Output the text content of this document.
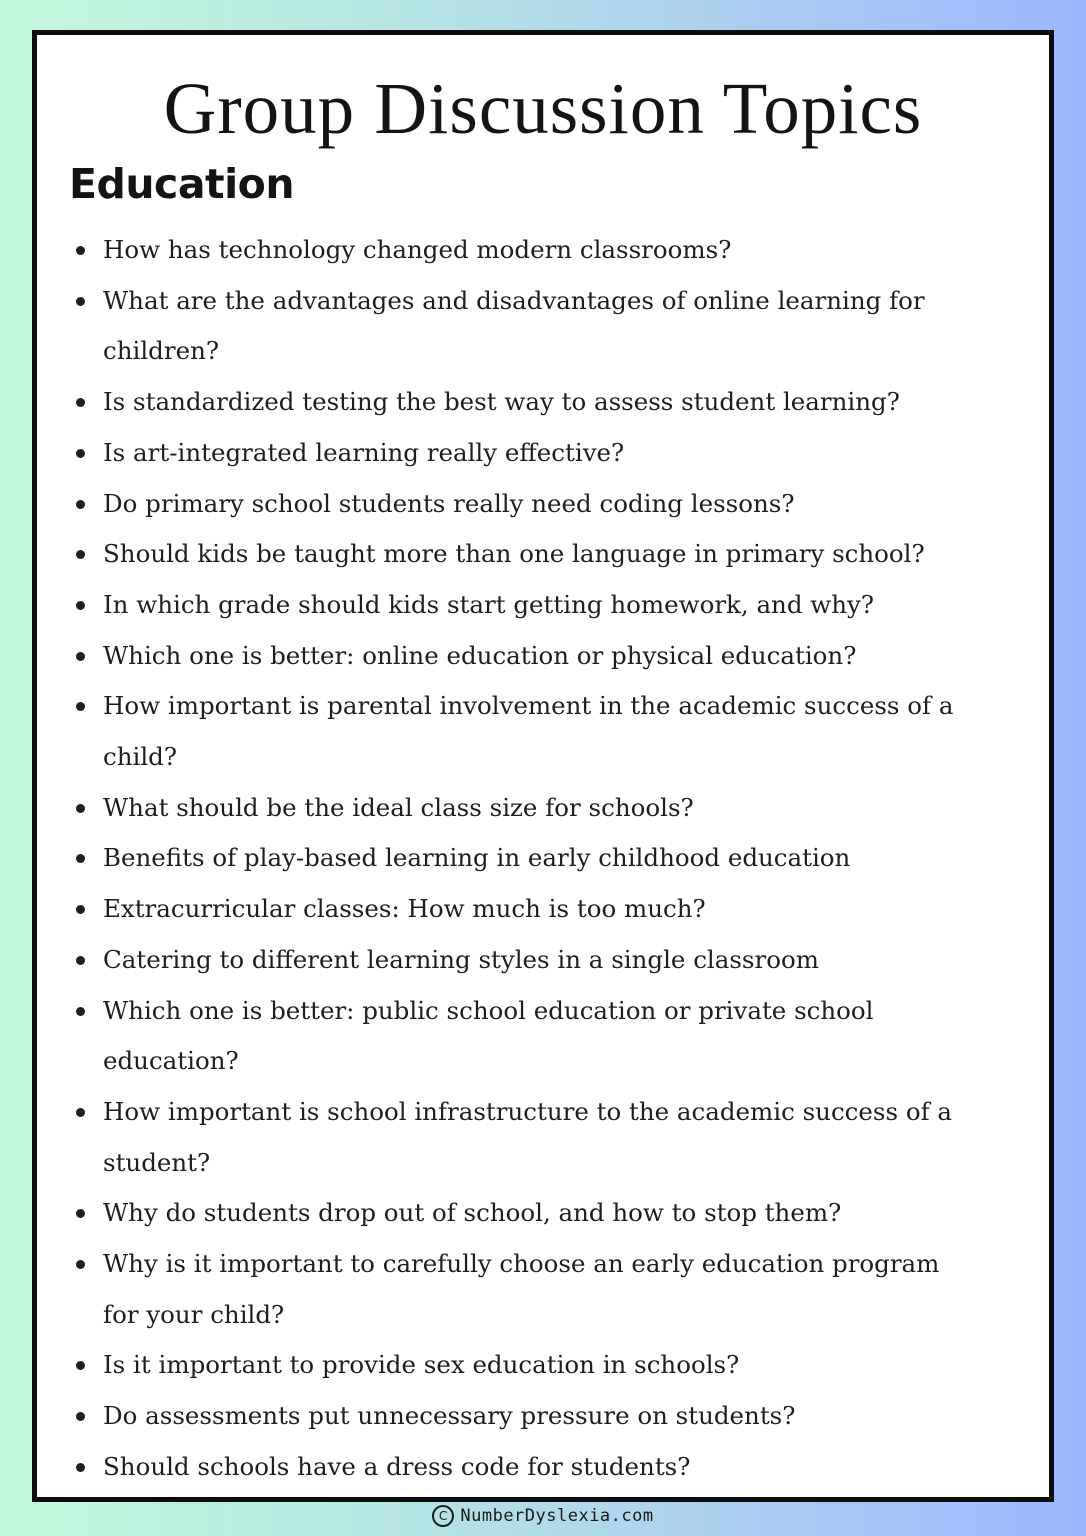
Group Discussion Topics
Education
How has technology changed modern classrooms?
What are the advantages and disadvantages of online learning for
children?
Is standardized testing the best way to assess student learning?
Is art-integrated learning really effective?
Do primary school students really need coding lessons?
Should kids be taught more than one language in primary school?
In which grade should kids start getting homework, and why?
Which one is better: online education or physical education?
How important is parental involvement in the academic success of a
child?
What should be the ideal class size for schools?
Benefits of play-based learning in early childhood education
Extracurricular classes: How much is too much?
Catering to different learning styles in a single classroom
Which one is better: public school education or private school
education?
How important is school infrastructure to the academic success of a
student?
Why do students drop out of school, and how to stop them?
Why is it important to carefully choose an early education program
for your child?
Is it important to provide sex education in schools?
Do assessments put unnecessary pressure on students?
Should schools have a dress code for students?
C NumberDyslexia.com
